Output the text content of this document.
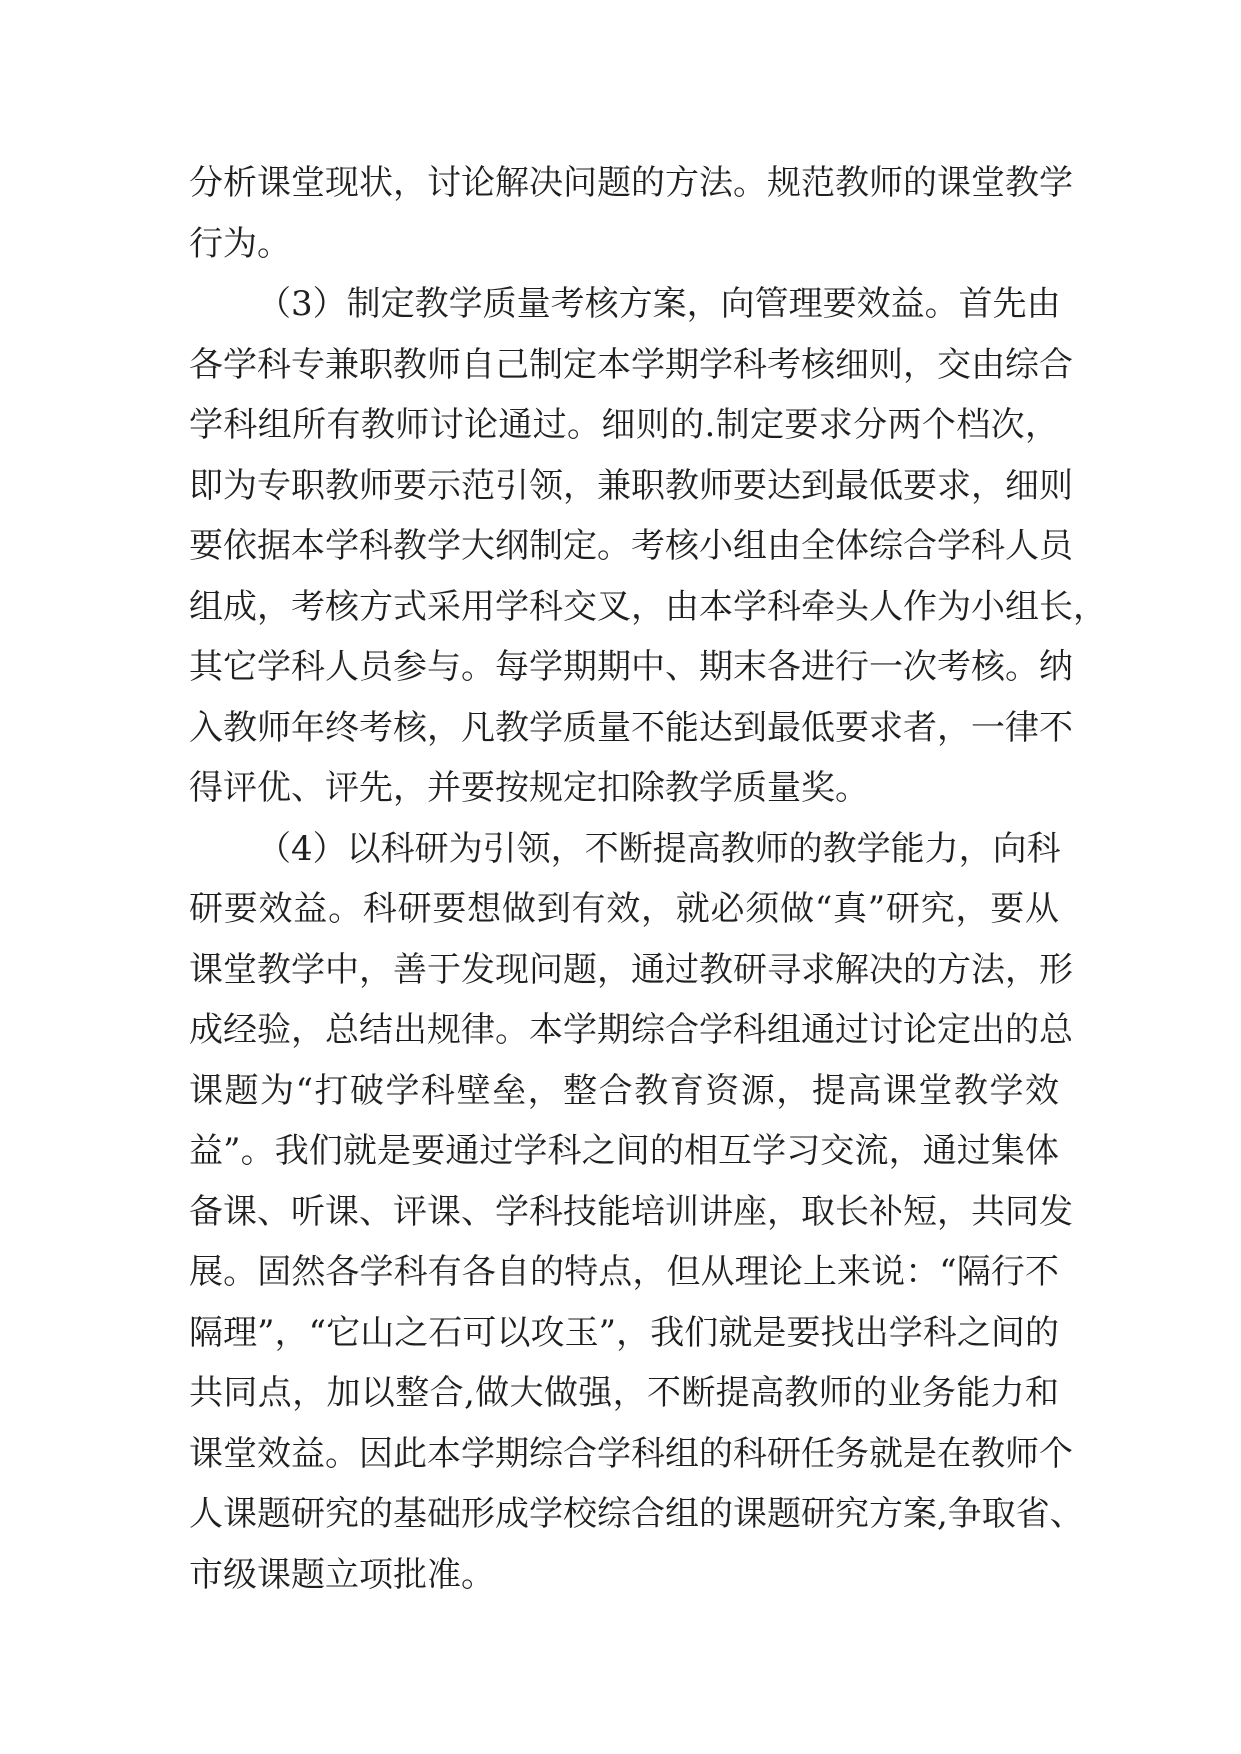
分析课堂现状，讨论解决问题的方法。规范教师的课堂教学

行为。

（3）制定教学质量考核方案，向管理要效益。首先由

各学科专兼职教师自己制定本学期学科考核细则，交由综合

学科组所有教师讨论通过。细则的.制定要求分两个档次，

即为专职教师要示范引领，兼职教师要达到最低要求，细则

要依据本学科教学大纲制定。考核小组由全体综合学科人员

组成，考核方式采用学科交叉，由本学科牵头人作为小组长，

其它学科人员参与。每学期期中、期末各进行一次考核。纳

入教师年终考核，凡教学质量不能达到最低要求者，一律不

得评优、评先，并要按规定扣除教学质量奖。

（4）以科研为引领，不断提高教师的教学能力，向科

研要效益。科研要想做到有效，就必须做“真”研究，要从

课堂教学中，善于发现问题，通过教研寻求解决的方法，形

成经验，总结出规律。本学期综合学科组通过讨论定出的总

课题为“打破学科壁垒，整合教育资源，提高课堂教学效

益”。我们就是要通过学科之间的相互学习交流，通过集体

备课、听课、评课、学科技能培训讲座，取长补短，共同发

展。固然各学科有各自的特点，但从理论上来说：“隔行不

隔理”，“它山之石可以攻玉”，我们就是要找出学科之间的

共同点，加以整合,做大做强，不断提高教师的业务能力和

课堂效益。因此本学期综合学科组的科研任务就是在教师个

人课题研究的基础形成学校综合组的课题研究方案,争取省、

市级课题立项批准。
